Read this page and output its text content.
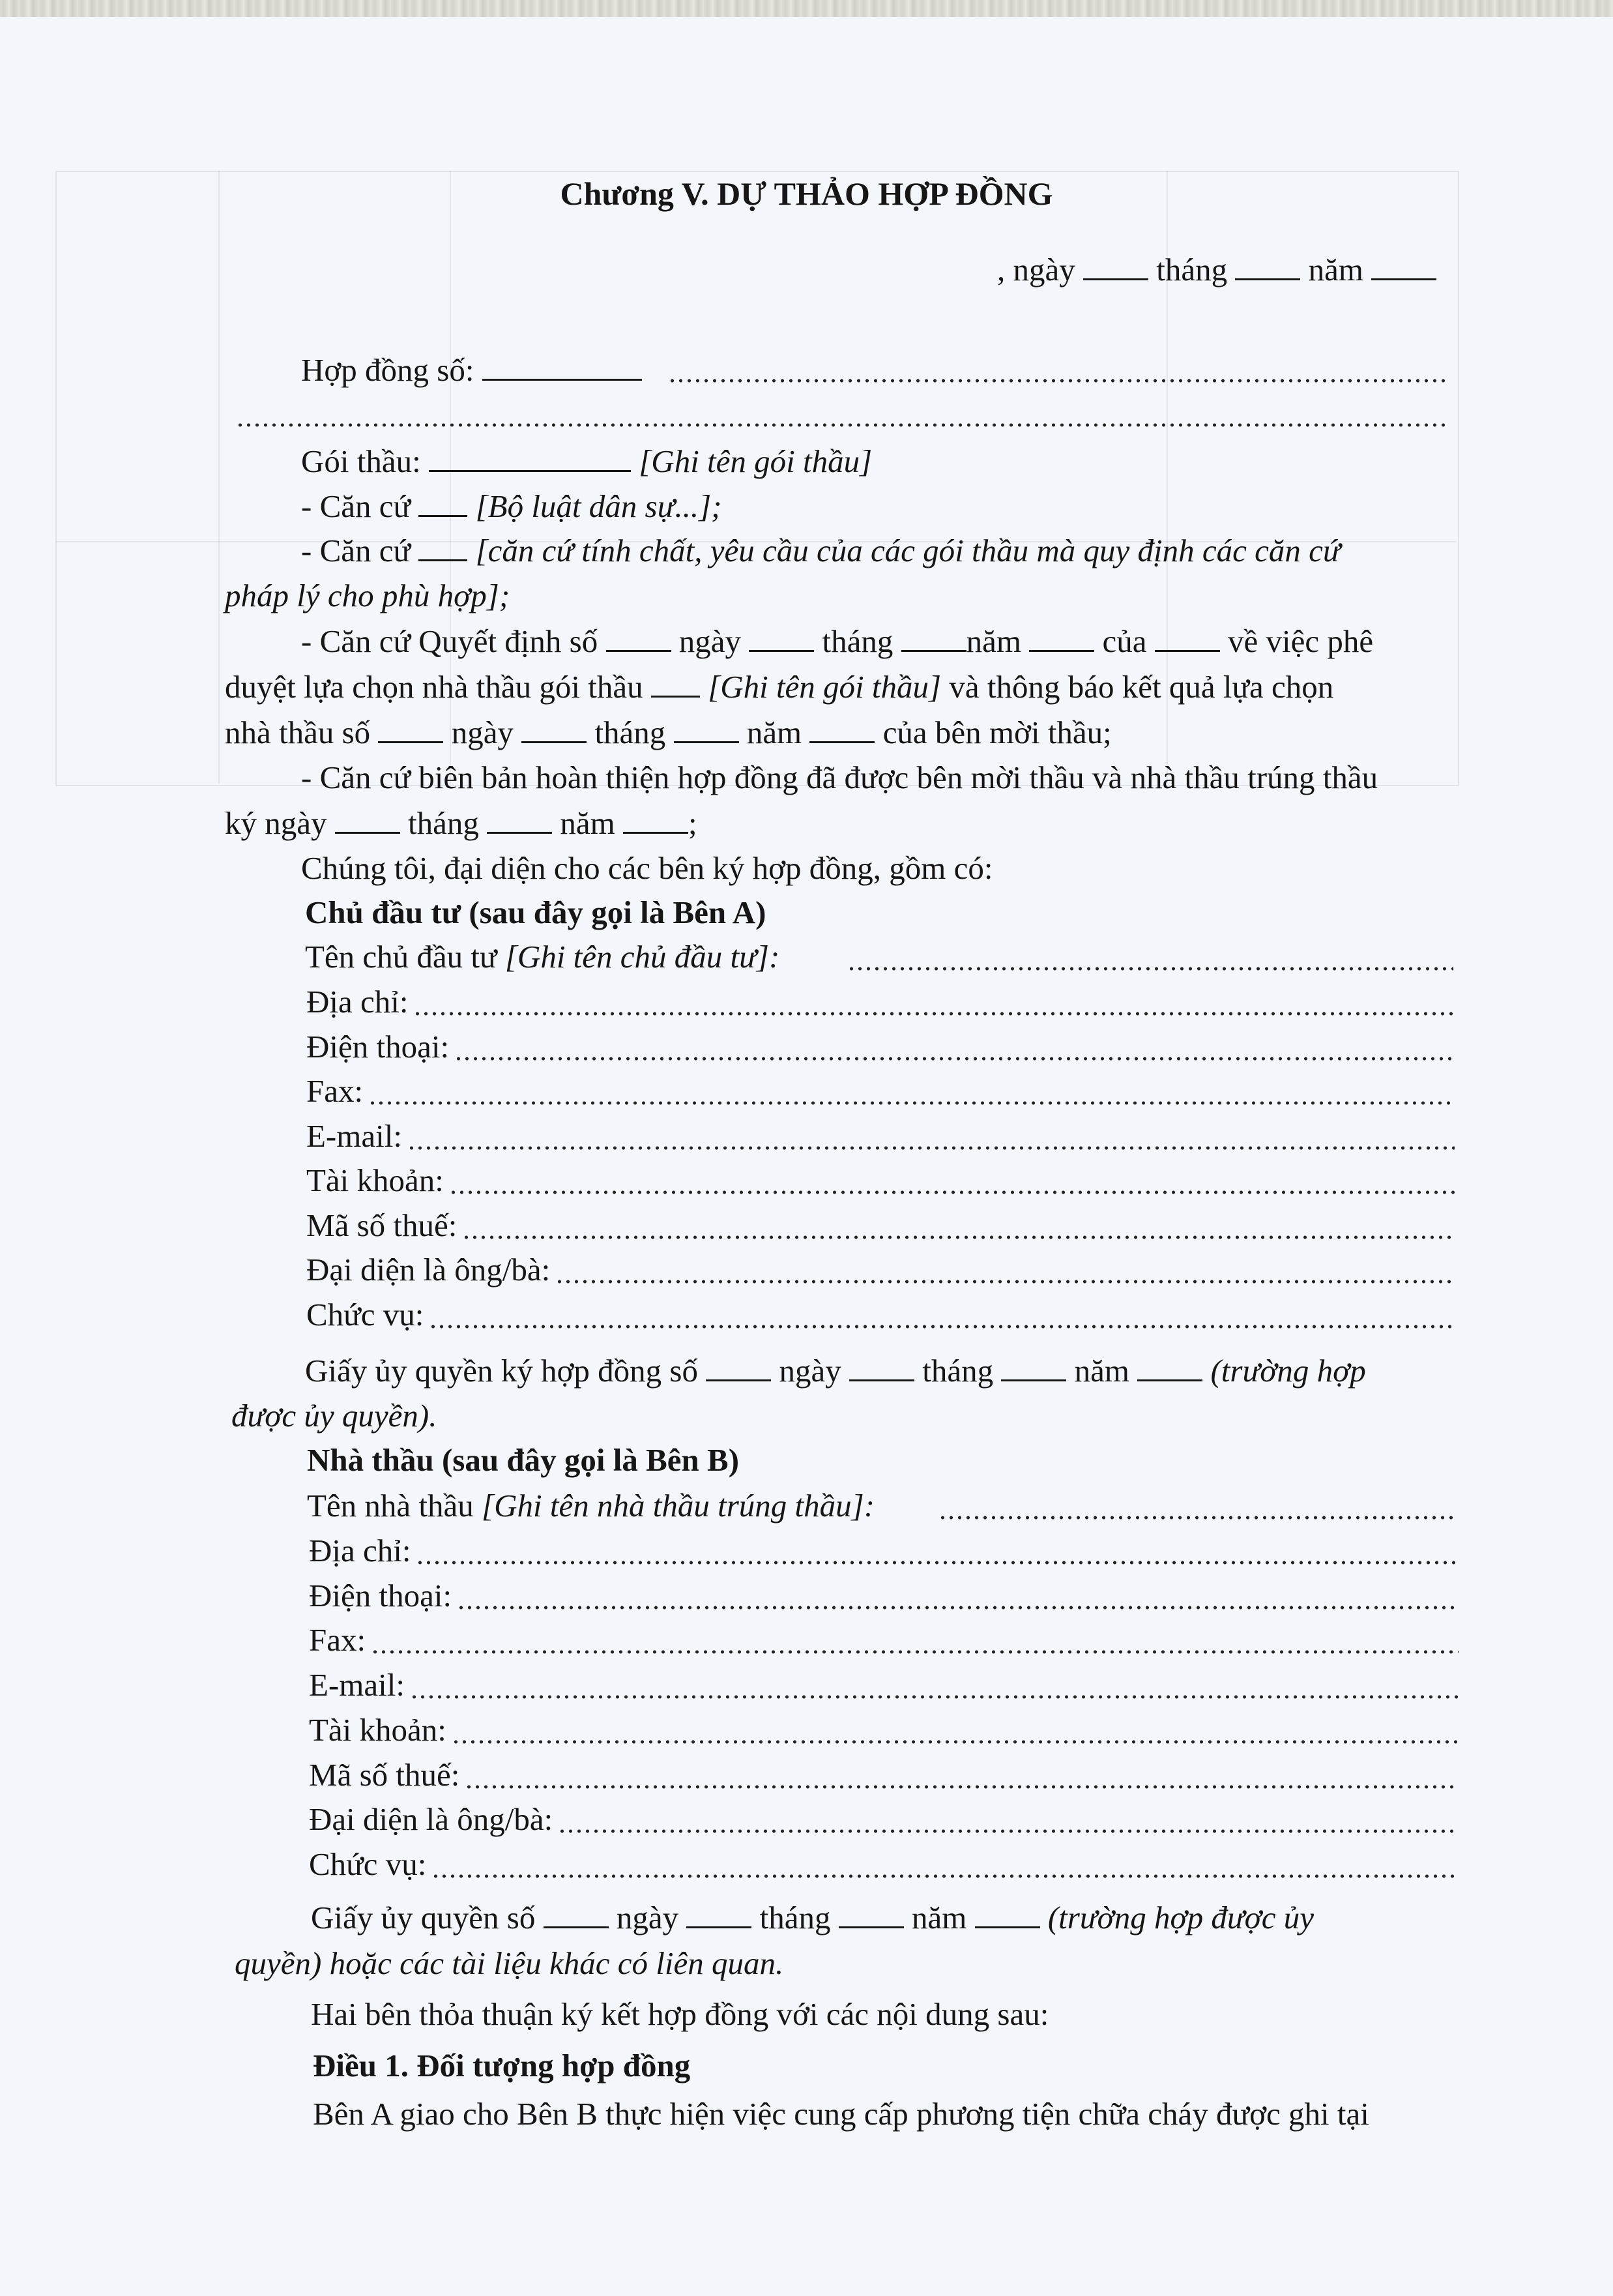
Chương V. DỰ THẢO HỢP ĐỒNG
, ngày	tháng	năm
Hợp đồng số:
Gói thầu:	[Ghi tên gói thầu]
- Căn cứ [Bộ luật dân sự...];
- Căn cứ [căn cứ tính chất, yêu cầu của các gói thầu mà quy định các căn cứ
pháp lý cho phù hợp];
- Căn cứ Quyết định số	ngày	tháng năm	của	về việc phê
duyệt lựa chọn nhà thầu gói thầu [Ghi tên gói thầu] và thông báo kết quả lựa chọn
nhà thầu số	ngày	tháng	năm	của bên mời thầu;
- Căn cứ biên bản hoàn thiện hợp đồng đã được bên mời thầu và nhà thầu trúng thầu
ký ngày	tháng	năm ;
Chúng tôi, đại diện cho các bên ký hợp đồng, gồm có:
Chủ đầu tư (sau đây gọi là Bên A)
Tên chủ đầu tư [Ghi tên chủ đầu tư]:
Địa chỉ:
Điện thoại:
Fax:
E-mail:
Tài khoản:
Mã số thuế:
Đại diện là ông/bà:
Chức vụ:
Giấy ủy quyền ký hợp đồng số	ngày	tháng	năm	(trường hợp
được ủy quyền).
Nhà thầu (sau đây gọi là Bên B)
Tên nhà thầu [Ghi tên nhà thầu trúng thầu]:
Địa chỉ:
Điện thoại:
Fax:
E-mail:
Tài khoản:
Mã số thuế:
Đại diện là ông/bà:
Chức vụ:
Giấy ủy quyền số	ngày	tháng	năm	(trường hợp được ủy
quyền) hoặc các tài liệu khác có liên quan.
Hai bên thỏa thuận ký kết hợp đồng với các nội dung sau:
Điều 1. Đối tượng hợp đồng
Bên A giao cho Bên B thực hiện việc cung cấp phương tiện chữa cháy được ghi tại
